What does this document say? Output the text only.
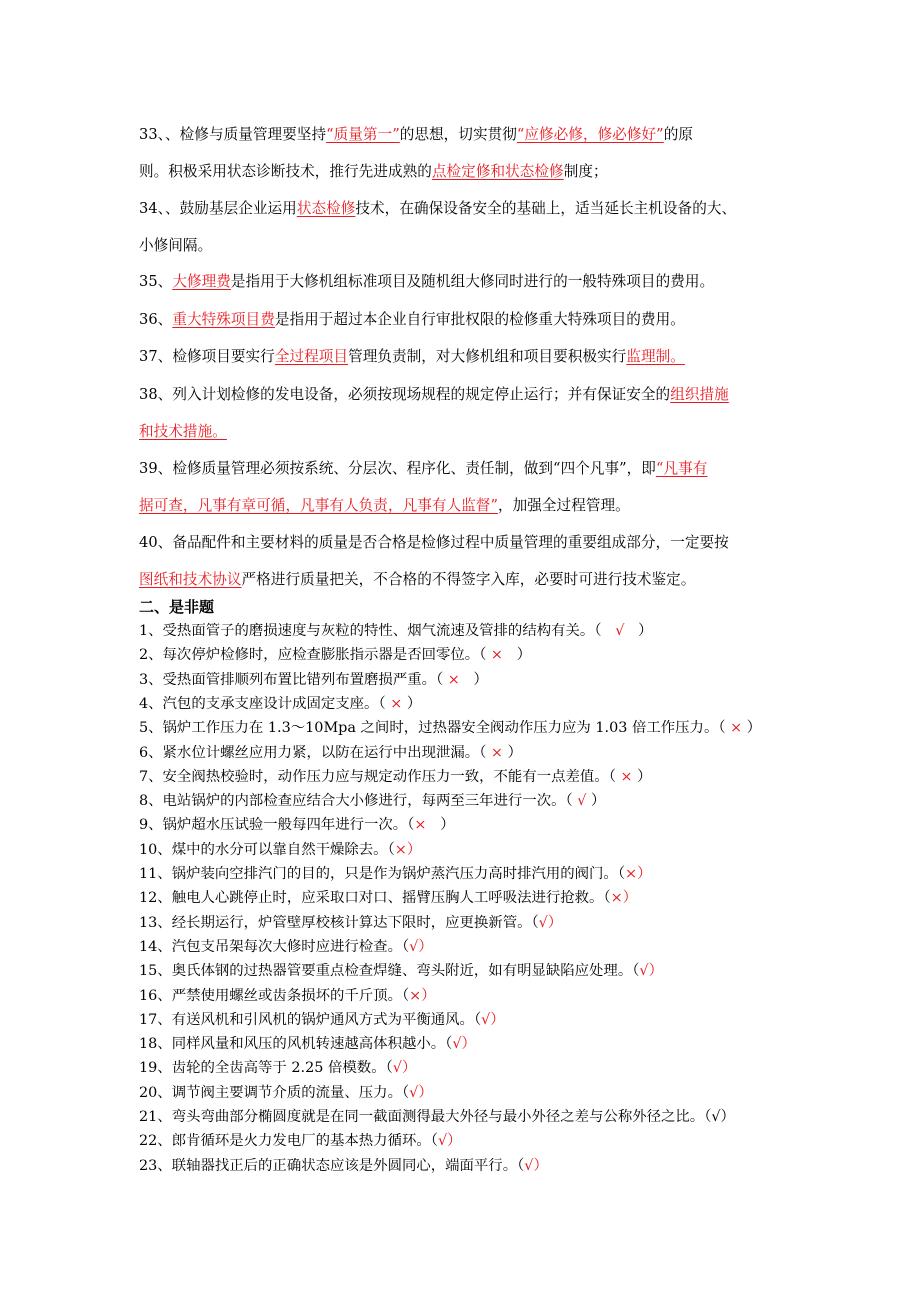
33、、检修与质量管理要坚持“质量第一”的思想，切实贯彻“应修必修，修必修好”的原
则。积极采用状态诊断技术，推行先进成熟的点检定修和状态检修制度；
34、、鼓励基层企业运用状态检修技术，在确保设备安全的基础上，适当延长主机设备的大、
小修间隔。
35、大修理费是指用于大修机组标准项目及随机组大修同时进行的一般特殊项目的费用。
36、重大特殊项目费是指用于超过本企业自行审批权限的检修重大特殊项目的费用。
37、检修项目要实行全过程项目管理负责制，对大修机组和项目要积极实行监理制。
38、列入计划检修的发电设备，必须按现场规程的规定停止运行；并有保证安全的组织措施
和技术措施。
39、检修质量管理必须按系统、分层次、程序化、责任制，做到“四个凡事”，即“凡事有
据可查，凡事有章可循，凡事有人负责，凡事有人监督”，加强全过程管理。
40、备品配件和主要材料的质量是否合格是检修过程中质量管理的重要组成部分，一定要按
图纸和技术协议严格进行质量把关，不合格的不得签字入库，必要时可进行技术鉴定。
二、是非题
1、受热面管子的磨损速度与灰粒的特性、烟气流速及管排的结构有关。（ √ ）
2、每次停炉检修时，应检查膨胀指示器是否回零位。（ × ）
3、受热面管排顺列布置比错列布置磨损严重。（ × ）
4、汽包的支承支座设计成固定支座。（ × ）
5、锅炉工作压力在 1.3～10Mpa 之间时，过热器安全阀动作压力应为 1.03 倍工作压力。（ × ）
6、紧水位计螺丝应用力紧，以防在运行中出现泄漏。（ × ）
7、安全阀热校验时，动作压力应与规定动作压力一致，不能有一点差值。（ × ）
8、电站锅炉的内部检查应结合大小修进行，每两至三年进行一次。（ √ ）
9、锅炉超水压试验一般每四年进行一次。（× ）
10、煤中的水分可以靠自然干燥除去。（×）
11、锅炉装向空排汽门的目的，只是作为锅炉蒸汽压力高时排汽用的阀门。（×）
12、触电人心跳停止时，应采取口对口、摇臂压胸人工呼吸法进行抢救。（×）
13、经长期运行，炉管壁厚校核计算达下限时，应更换新管。（√）
14、汽包支吊架每次大修时应进行检查。（√）
15、奥氏体钢的过热器管要重点检查焊缝、弯头附近，如有明显缺陷应处理。（√）
16、严禁使用螺丝或齿条损坏的千斤顶。（×）
17、有送风机和引风机的锅炉通风方式为平衡通风。（√）
18、同样风量和风压的风机转速越高体积越小。（√）
19、齿轮的全齿高等于 2.25 倍模数。（√）
20、调节阀主要调节介质的流量、压力。（√）
21、弯头弯曲部分椭圆度就是在同一截面测得最大外径与最小外径之差与公称外径之比。（√）
22、郎肯循环是火力发电厂的基本热力循环。（√）
23、联轴器找正后的正确状态应该是外圆同心，端面平行。（√）
